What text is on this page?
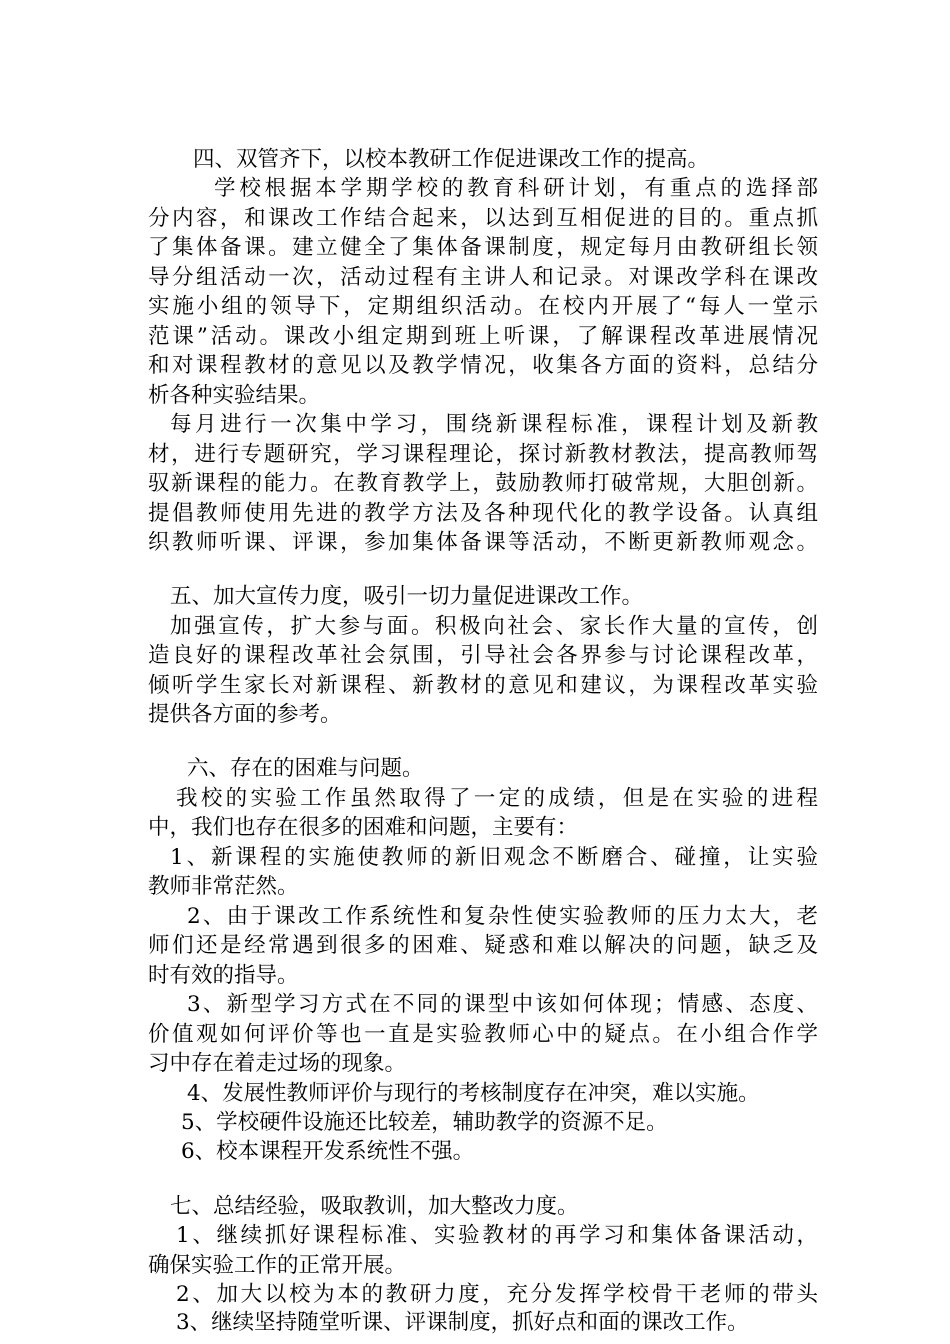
四、双管齐下，以校本教研工作促进课改工作的提高。
学校根据本学期学校的教育科研计划，有重点的选择部
分内容，和课改工作结合起来，以达到互相促进的目的。重点抓
了集体备课。建立健全了集体备课制度，规定每月由教研组长领
导分组活动一次，活动过程有主讲人和记录。对课改学科在课改
实施小组的领导下，定期组织活动。在校内开展了“每人一堂示
范课”活动。课改小组定期到班上听课，了解课程改革进展情况
和对课程教材的意见以及教学情况，收集各方面的资料，总结分
析各种实验结果。
每月进行一次集中学习，围绕新课程标准，课程计划及新教
材，进行专题研究，学习课程理论，探讨新教材教法，提高教师驾
驭新课程的能力。在教育教学上，鼓励教师打破常规，大胆创新。
提倡教师使用先进的教学方法及各种现代化的教学设备。认真组
织教师听课、评课，参加集体备课等活动，不断更新教师观念。
五、加大宣传力度，吸引一切力量促进课改工作。
加强宣传，扩大参与面。积极向社会、家长作大量的宣传，创
造良好的课程改革社会氛围，引导社会各界参与讨论课程改革，
倾听学生家长对新课程、新教材的意见和建议，为课程改革实验
提供各方面的参考。
六、存在的困难与问题。
我校的实验工作虽然取得了一定的成绩，但是在实验的进程
中，我们也存在很多的困难和问题，主要有：
1、新课程的实施使教师的新旧观念不断磨合、碰撞，让实验
教师非常茫然。
2、由于课改工作系统性和复杂性使实验教师的压力太大，老
师们还是经常遇到很多的困难、疑惑和难以解决的问题，缺乏及
时有效的指导。
3、新型学习方式在不同的课型中该如何体现；情感、态度、
价值观如何评价等也一直是实验教师心中的疑点。在小组合作学
习中存在着走过场的现象。
4、发展性教师评价与现行的考核制度存在冲突，难以实施。
5、学校硬件设施还比较差，辅助教学的资源不足。
6、校本课程开发系统性不强。
七、总结经验，吸取教训，加大整改力度。
1、继续抓好课程标准、实验教材的再学习和集体备课活动，
确保实验工作的正常开展。
2、加大以校为本的教研力度，充分发挥学校骨干老师的带头
3、继续坚持随堂听课、评课制度，抓好点和面的课改工作。
